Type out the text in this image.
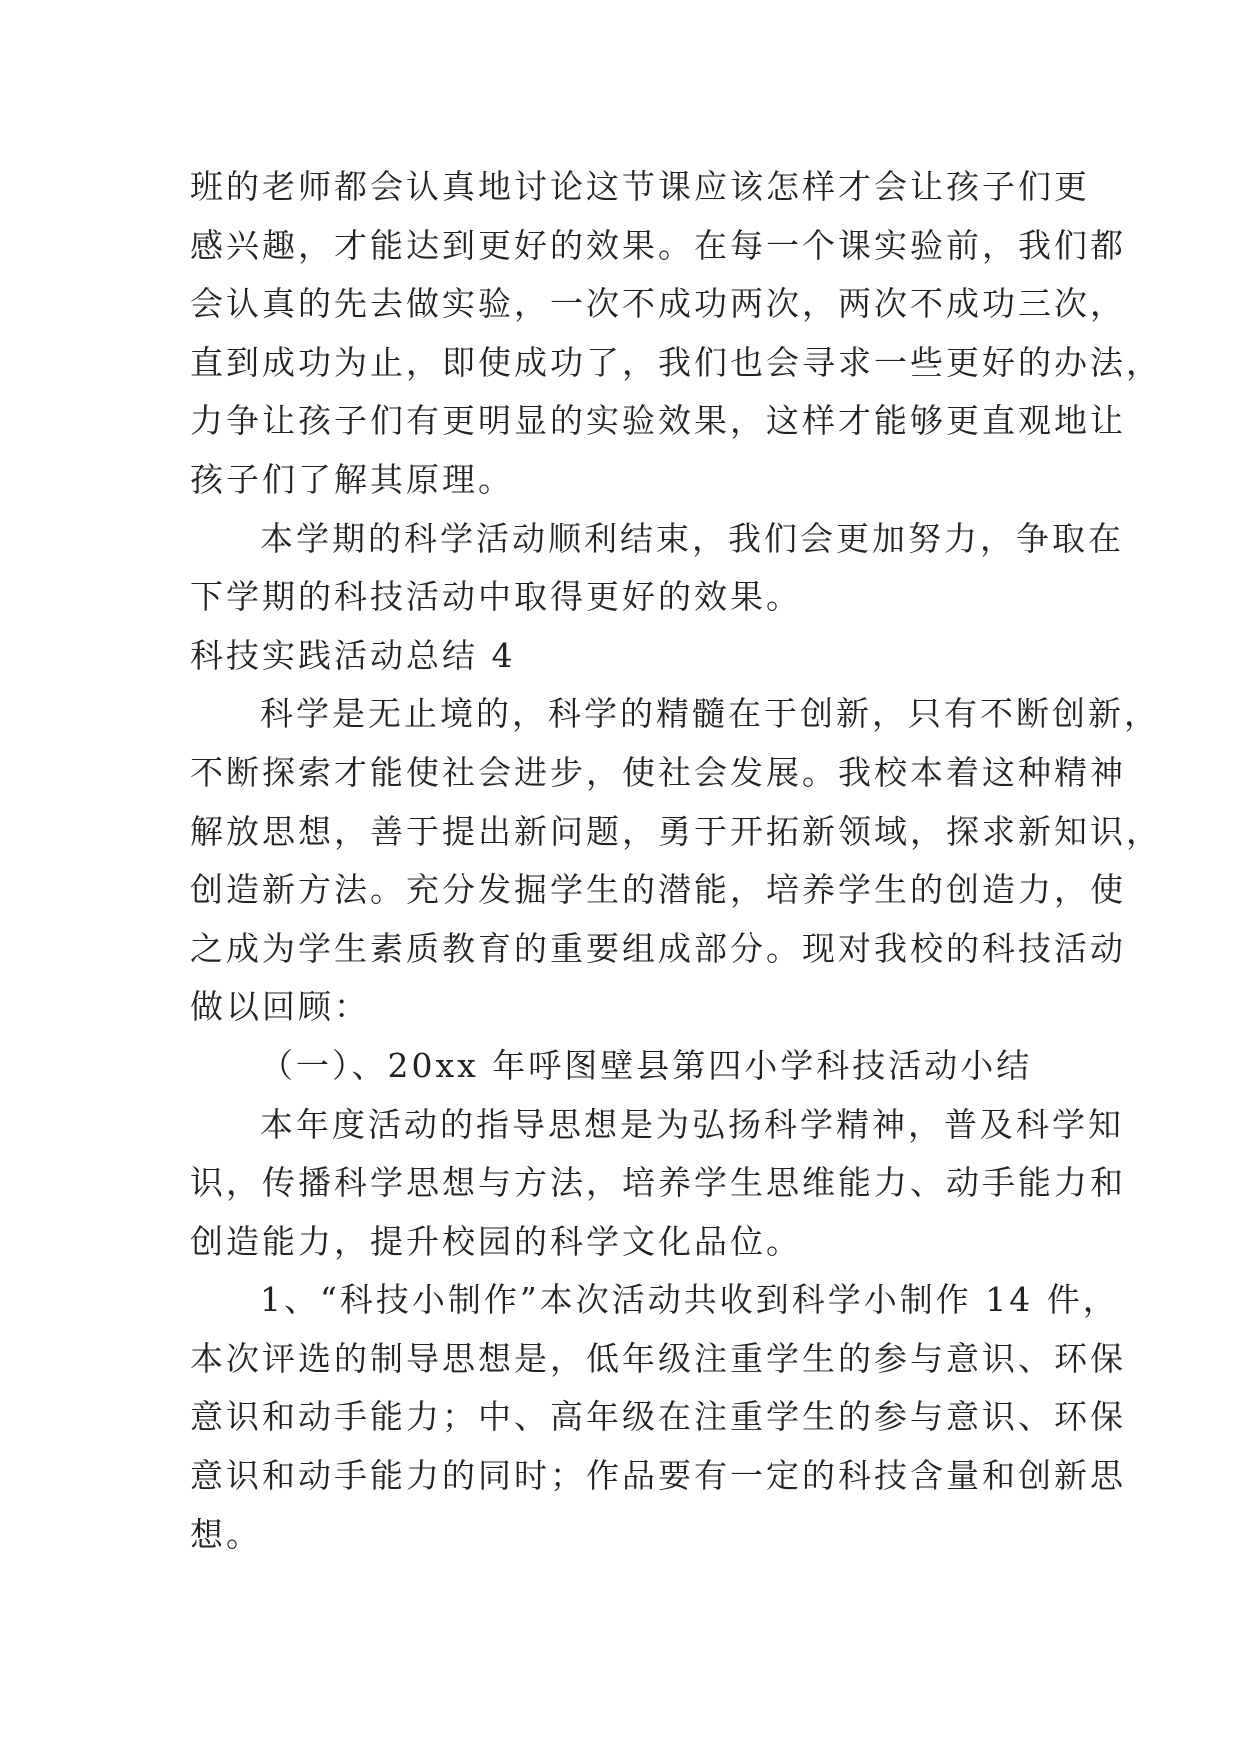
班的老师都会认真地讨论这节课应该怎样才会让孩子们更
感兴趣，才能达到更好的效果。在每一个课实验前，我们都
会认真的先去做实验，一次不成功两次，两次不成功三次，
直到成功为止，即使成功了，我们也会寻求一些更好的办法，
力争让孩子们有更明显的实验效果，这样才能够更直观地让
孩子们了解其原理。
本学期的科学活动顺利结束，我们会更加努力，争取在
下学期的科技活动中取得更好的效果。
科技实践活动总结 4
科学是无止境的，科学的精髓在于创新，只有不断创新，
不断探索才能使社会进步，使社会发展。我校本着这种精神
解放思想，善于提出新问题，勇于开拓新领域，探求新知识，
创造新方法。充分发掘学生的潜能，培养学生的创造力，使
之成为学生素质教育的重要组成部分。现对我校的科技活动
做以回顾：
（一）、20xx 年呼图壁县第四小学科技活动小结
本年度活动的指导思想是为弘扬科学精神，普及科学知
识，传播科学思想与方法，培养学生思维能力、动手能力和
创造能力，提升校园的科学文化品位。
1、“科技小制作”本次活动共收到科学小制作 14 件，
本次评选的制导思想是，低年级注重学生的参与意识、环保
意识和动手能力；中、高年级在注重学生的参与意识、环保
意识和动手能力的同时；作品要有一定的科技含量和创新思
想。
